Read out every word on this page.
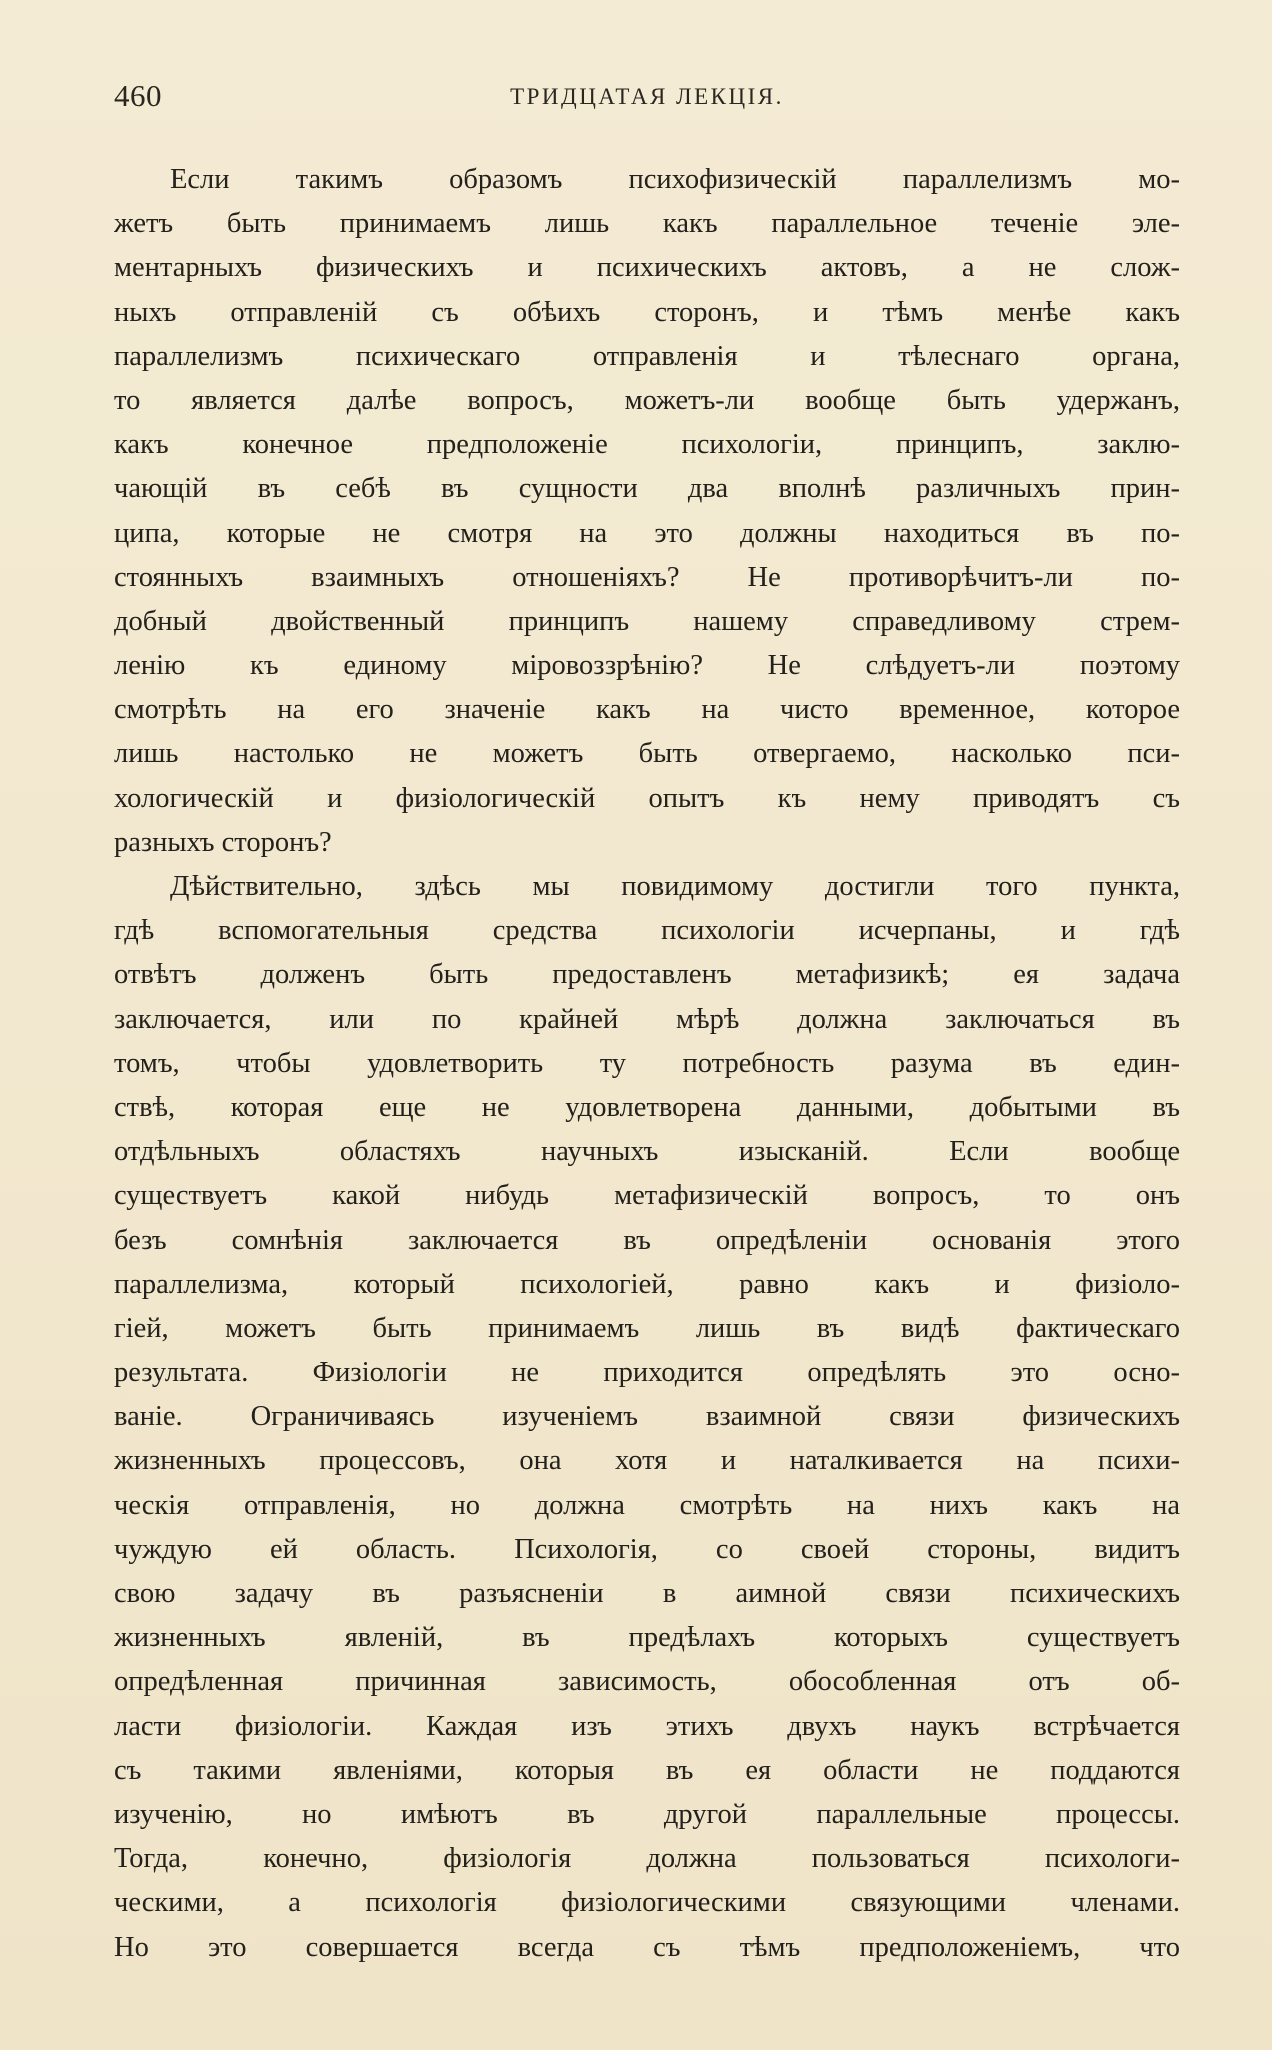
460	ТРИДЦАТАЯ ЛЕКЦІЯ.
Если такимъ образомъ психофизическій параллелизмъ мо-
жетъ быть принимаемъ лишь какъ параллельное теченіе эле-
ментарныхъ физическихъ и психическихъ актовъ, а не слож-
ныхъ отправленій съ обѣихъ сторонъ, и тѣмъ менѣе какъ
параллелизмъ психическаго отправленія и тѣлеснаго органа,
то является далѣе вопросъ, можетъ-ли вообще быть удержанъ,
какъ конечное предположеніе психологіи, принципъ, заклю-
чающій въ себѣ въ сущности два вполнѣ различныхъ прин-
ципа, которые не смотря на это должны находиться въ по-
стоянныхъ взаимныхъ отношеніяхъ? Не противорѣчитъ-ли по-
добный двойственный принципъ нашему справедливому стрем-
ленію къ единому міровоззрѣнію? Не слѣдуетъ-ли поэтому
смотрѣть на его значеніе какъ на чисто временное, которое
лишь настолько не можетъ быть отвергаемо, насколько пси-
хологическій и физіологическій опытъ къ нему приводятъ съ
разныхъ сторонъ?
Дѣйствительно, здѣсь мы повидимому достигли того пункта,
гдѣ вспомогательныя средства психологіи исчерпаны, и гдѣ
отвѣтъ долженъ быть предоставленъ метафизикѣ; ея задача
заключается, или по крайней мѣрѣ должна заключаться въ
томъ, чтобы удовлетворить ту потребность разума въ един-
ствѣ, которая еще не удовлетворена данными, добытыми въ
отдѣльныхъ областяхъ научныхъ изысканій. Если вообще
существуетъ какой нибудь метафизическій вопросъ, то онъ
безъ сомнѣнія заключается въ опредѣленіи основанія этого
параллелизма, который психологіей, равно какъ и физіоло-
гіей, можетъ быть принимаемъ лишь въ видѣ фактическаго
результата. Физіологіи не приходится опредѣлять это осно-
ваніе. Ограничиваясь изученіемъ взаимной связи физическихъ
жизненныхъ процессовъ, она хотя и наталкивается на психи-
ческія отправленія, но должна смотрѣть на нихъ какъ на
чуждую ей область. Психологія, со своей стороны, видитъ
свою задачу въ разъясненіи в аимной связи психическихъ
жизненныхъ явленій, въ предѣлахъ которыхъ существуетъ
опредѣленная причинная зависимость, обособленная отъ об-
ласти физіологіи. Каждая изъ этихъ двухъ наукъ встрѣчается
съ такими явленіями, которыя въ ея области не поддаются
изученію, но имѣютъ въ другой параллельные процессы.
Тогда, конечно, физіологія должна пользоваться психологи-
ческими, а психологія физіологическими связующими членами.
Но это совершается всегда съ тѣмъ предположеніемъ, что
